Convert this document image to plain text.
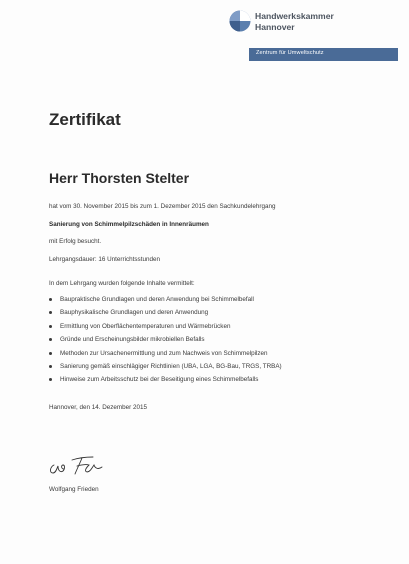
Handwerkskammer
Hannover
Zentrum für Umweltschutz
Zertifikat
Herr Thorsten Stelter
hat vom 30. November 2015 bis zum 1. Dezember 2015 den Sachkundelehrgang
Sanierung von Schimmelpilzschäden in Innenräumen
mit Erfolg besucht.
Lehrgangsdauer: 16 Unterrichtsstunden
In dem Lehrgang wurden folgende Inhalte vermittelt:
Baupraktische Grundlagen und deren Anwendung bei Schimmelbefall
Bauphysikalische Grundlagen und deren Anwendung
Ermittlung von Oberflächentemperaturen und Wärmebrücken
Gründe und Erscheinungsbilder mikrobiellen Befalls
Methoden zur Ursachenermittlung und zum Nachweis von Schimmelpilzen
Sanierung gemäß einschlägiger Richtlinien (UBA, LGA, BG-Bau, TRGS, TRBA)
Hinweise zum Arbeitsschutz bei der Beseitigung eines Schimmelbefalls
Hannover, den 14. Dezember 2015
Wolfgang Frieden
